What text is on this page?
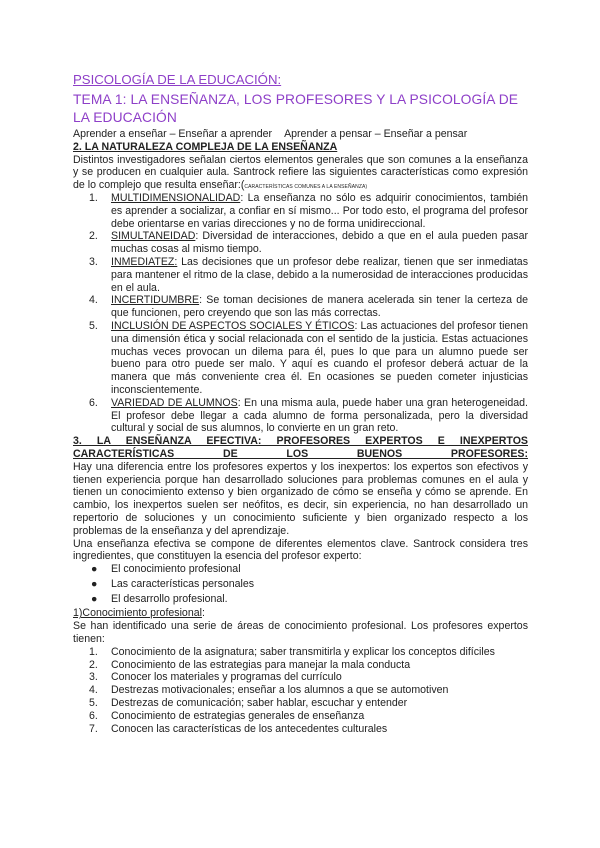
PSICOLOGÍA DE LA EDUCACIÓN:
TEMA 1: LA ENSEÑANZA, LOS PROFESORES Y LA PSICOLOGÍA DE LA EDUCACIÓN
Aprender a enseñar – Enseñar a aprender Aprender a pensar – Enseñar a pensar
2. LA NATURALEZA COMPLEJA DE LA ENSEÑANZA
Distintos investigadores señalan ciertos elementos generales que son comunes a la enseñanza y se producen en cualquier aula. Santrock refiere las siguientes características como expresión de lo complejo que resulta enseñar:(CARACTERÍSTICAS COMUNES A LA ENSEÑANZA)
1. MULTIDIMENSIONALIDAD: La enseñanza no sólo es adquirir conocimientos, también es aprender a socializar, a confiar en sí mismo... Por todo esto, el programa del profesor debe orientarse en varias direcciones y no de forma unidireccional.
2. SIMULTANEIDAD: Diversidad de interacciones, debido a que en el aula pueden pasar muchas cosas al mismo tiempo.
3. INMEDIATEZ: Las decisiones que un profesor debe realizar, tienen que ser inmediatas para mantener el ritmo de la clase, debido a la numerosidad de interacciones producidas en el aula.
4. INCERTIDUMBRE: Se toman decisiones de manera acelerada sin tener la certeza de que funcionen, pero creyendo que son las más correctas.
5. INCLUSIÓN DE ASPECTOS SOCIALES Y ÉTICOS: Las actuaciones del profesor tienen una dimensión ética y social relacionada con el sentido de la justicia. Estas actuaciones muchas veces provocan un dilema para él, pues lo que para un alumno puede ser bueno para otro puede ser malo. Y aquí es cuando el profesor deberá actuar de la manera que más conveniente crea él. En ocasiones se pueden cometer injusticias inconscientemente.
6. VARIEDAD DE ALUMNOS: En una misma aula, puede haber una gran heterogeneidad. El profesor debe llegar a cada alumno de forma personalizada, pero la diversidad cultural y social de sus alumnos, lo convierte en un gran reto.
3. LA ENSEÑANZA EFECTIVA: PROFESORES EXPERTOS E INEXPERTOS CARACTERÍSTICAS DE LOS BUENOS PROFESORES:
Hay una diferencia entre los profesores expertos y los inexpertos: los expertos son efectivos y tienen experiencia porque han desarrollado soluciones para problemas comunes en el aula y tienen un conocimiento extenso y bien organizado de cómo se enseña y cómo se aprende. En cambio, los inexpertos suelen ser neófitos, es decir, sin experiencia, no han desarrollado un repertorio de soluciones y un conocimiento suficiente y bien organizado respecto a los problemas de la enseñanza y del aprendizaje.
Una enseñanza efectiva se compone de diferentes elementos clave. Santrock considera tres ingredientes, que constituyen la esencia del profesor experto:
● El conocimiento profesional
● Las características personales
● El desarrollo profesional.
1)Conocimiento profesional:
Se han identificado una serie de áreas de conocimiento profesional. Los profesores expertos tienen:
1. Conocimiento de la asignatura; saber transmitirla y explicar los conceptos difíciles
2. Conocimiento de las estrategias para manejar la mala conducta
3. Conocer los materiales y programas del currículo
4. Destrezas motivacionales; enseñar a los alumnos a que se automotiven
5. Destrezas de comunicación; saber hablar, escuchar y entender
6. Conocimiento de estrategias generales de enseñanza
7. Conocen las características de los antecedentes culturales
